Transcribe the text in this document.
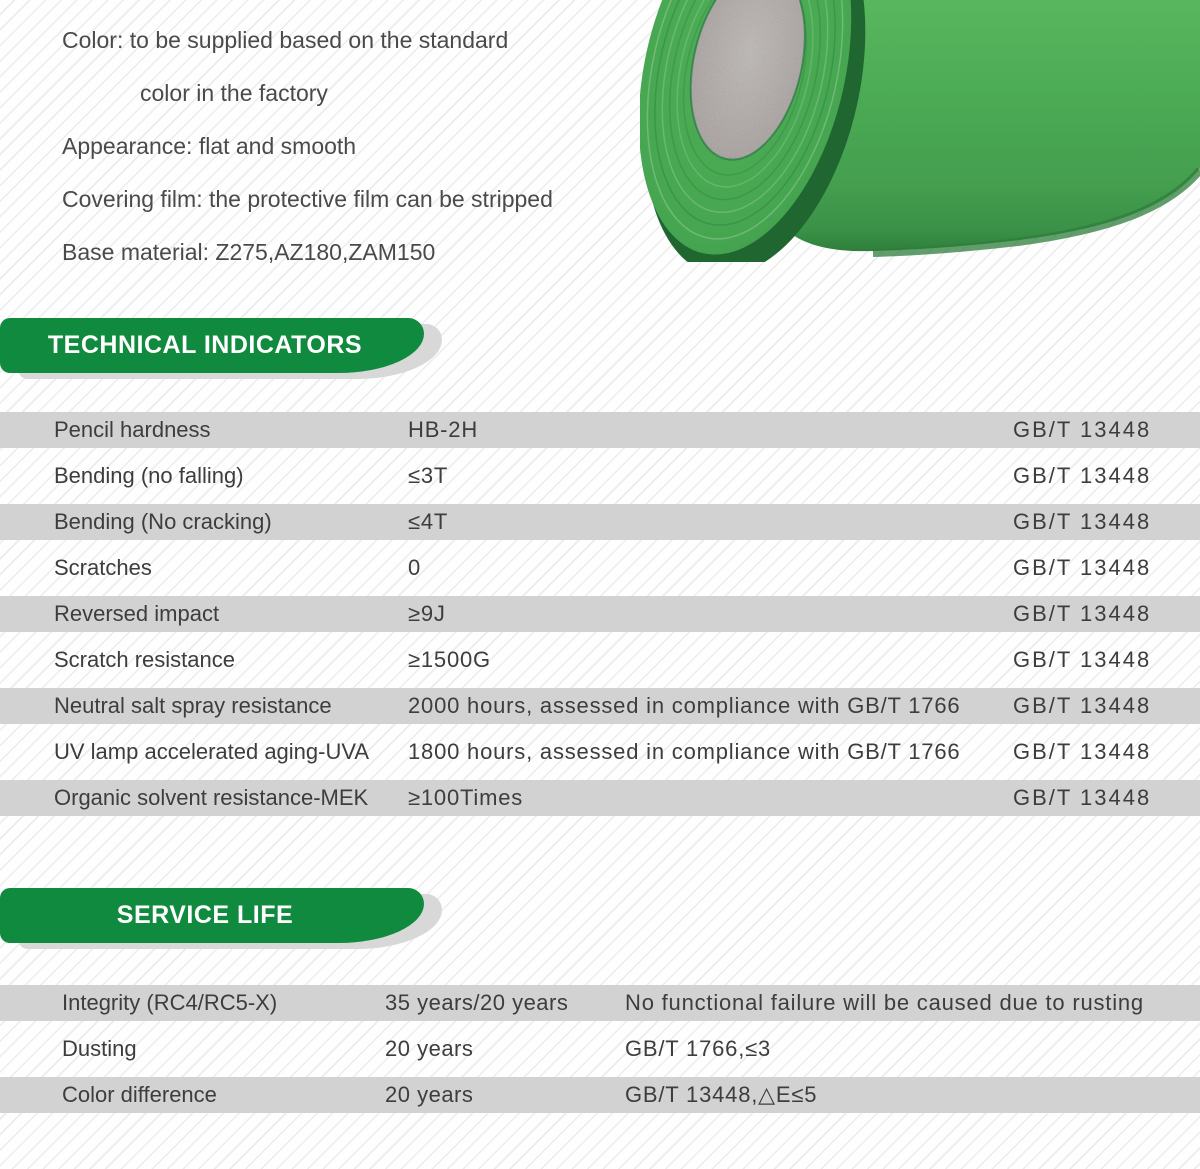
Color: to be supplied based on the standard
color in the factory
Appearance: flat and smooth
Covering film: the protective film can be stripped
Base material: Z275,AZ180,ZAM150
TECHNICAL INDICATORS
Pencil hardness	HB-2H	GB/T 13448
Bending (no falling)	≤3T	GB/T 13448
Bending (No cracking)	≤4T	GB/T 13448
Scratches	0	GB/T 13448
Reversed impact	≥9J	GB/T 13448
Scratch resistance	≥1500G	GB/T 13448
Neutral salt spray resistance	2000 hours, assessed in compliance with GB/T 1766	GB/T 13448
UV lamp accelerated aging-UVA	1800 hours, assessed in compliance with GB/T 1766	GB/T 13448
Organic solvent resistance-MEK	≥100Times	GB/T 13448
SERVICE LIFE
Integrity (RC4/RC5-X)	35 years/20 years	No functional failure will be caused due to rusting
Dusting	20 years	GB/T 1766,≤3
Color difference	20 years	GB/T 13448,△E≤5
